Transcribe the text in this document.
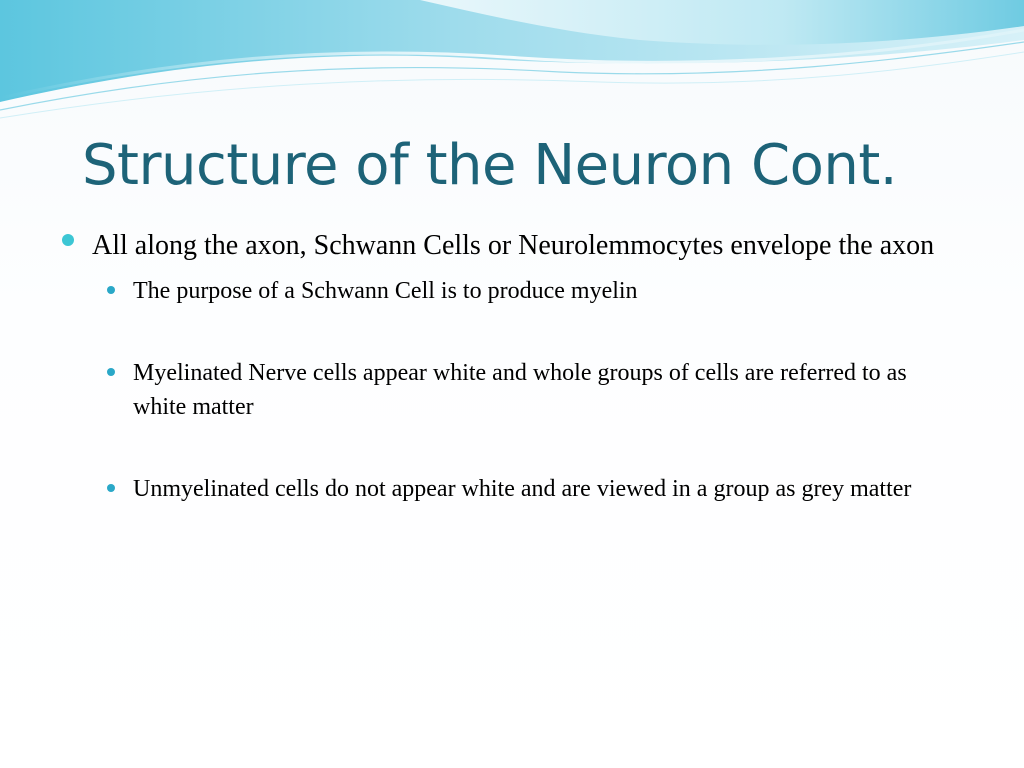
Structure of the Neuron Cont.
All along the axon, Schwann Cells or Neurolemmocytes envelope the axon
The purpose of a Schwann Cell is to produce myelin
Myelinated Nerve cells appear white and whole groups of cells are referred to as white matter
Unmyelinated cells do not appear white and are viewed in a group as grey matter
